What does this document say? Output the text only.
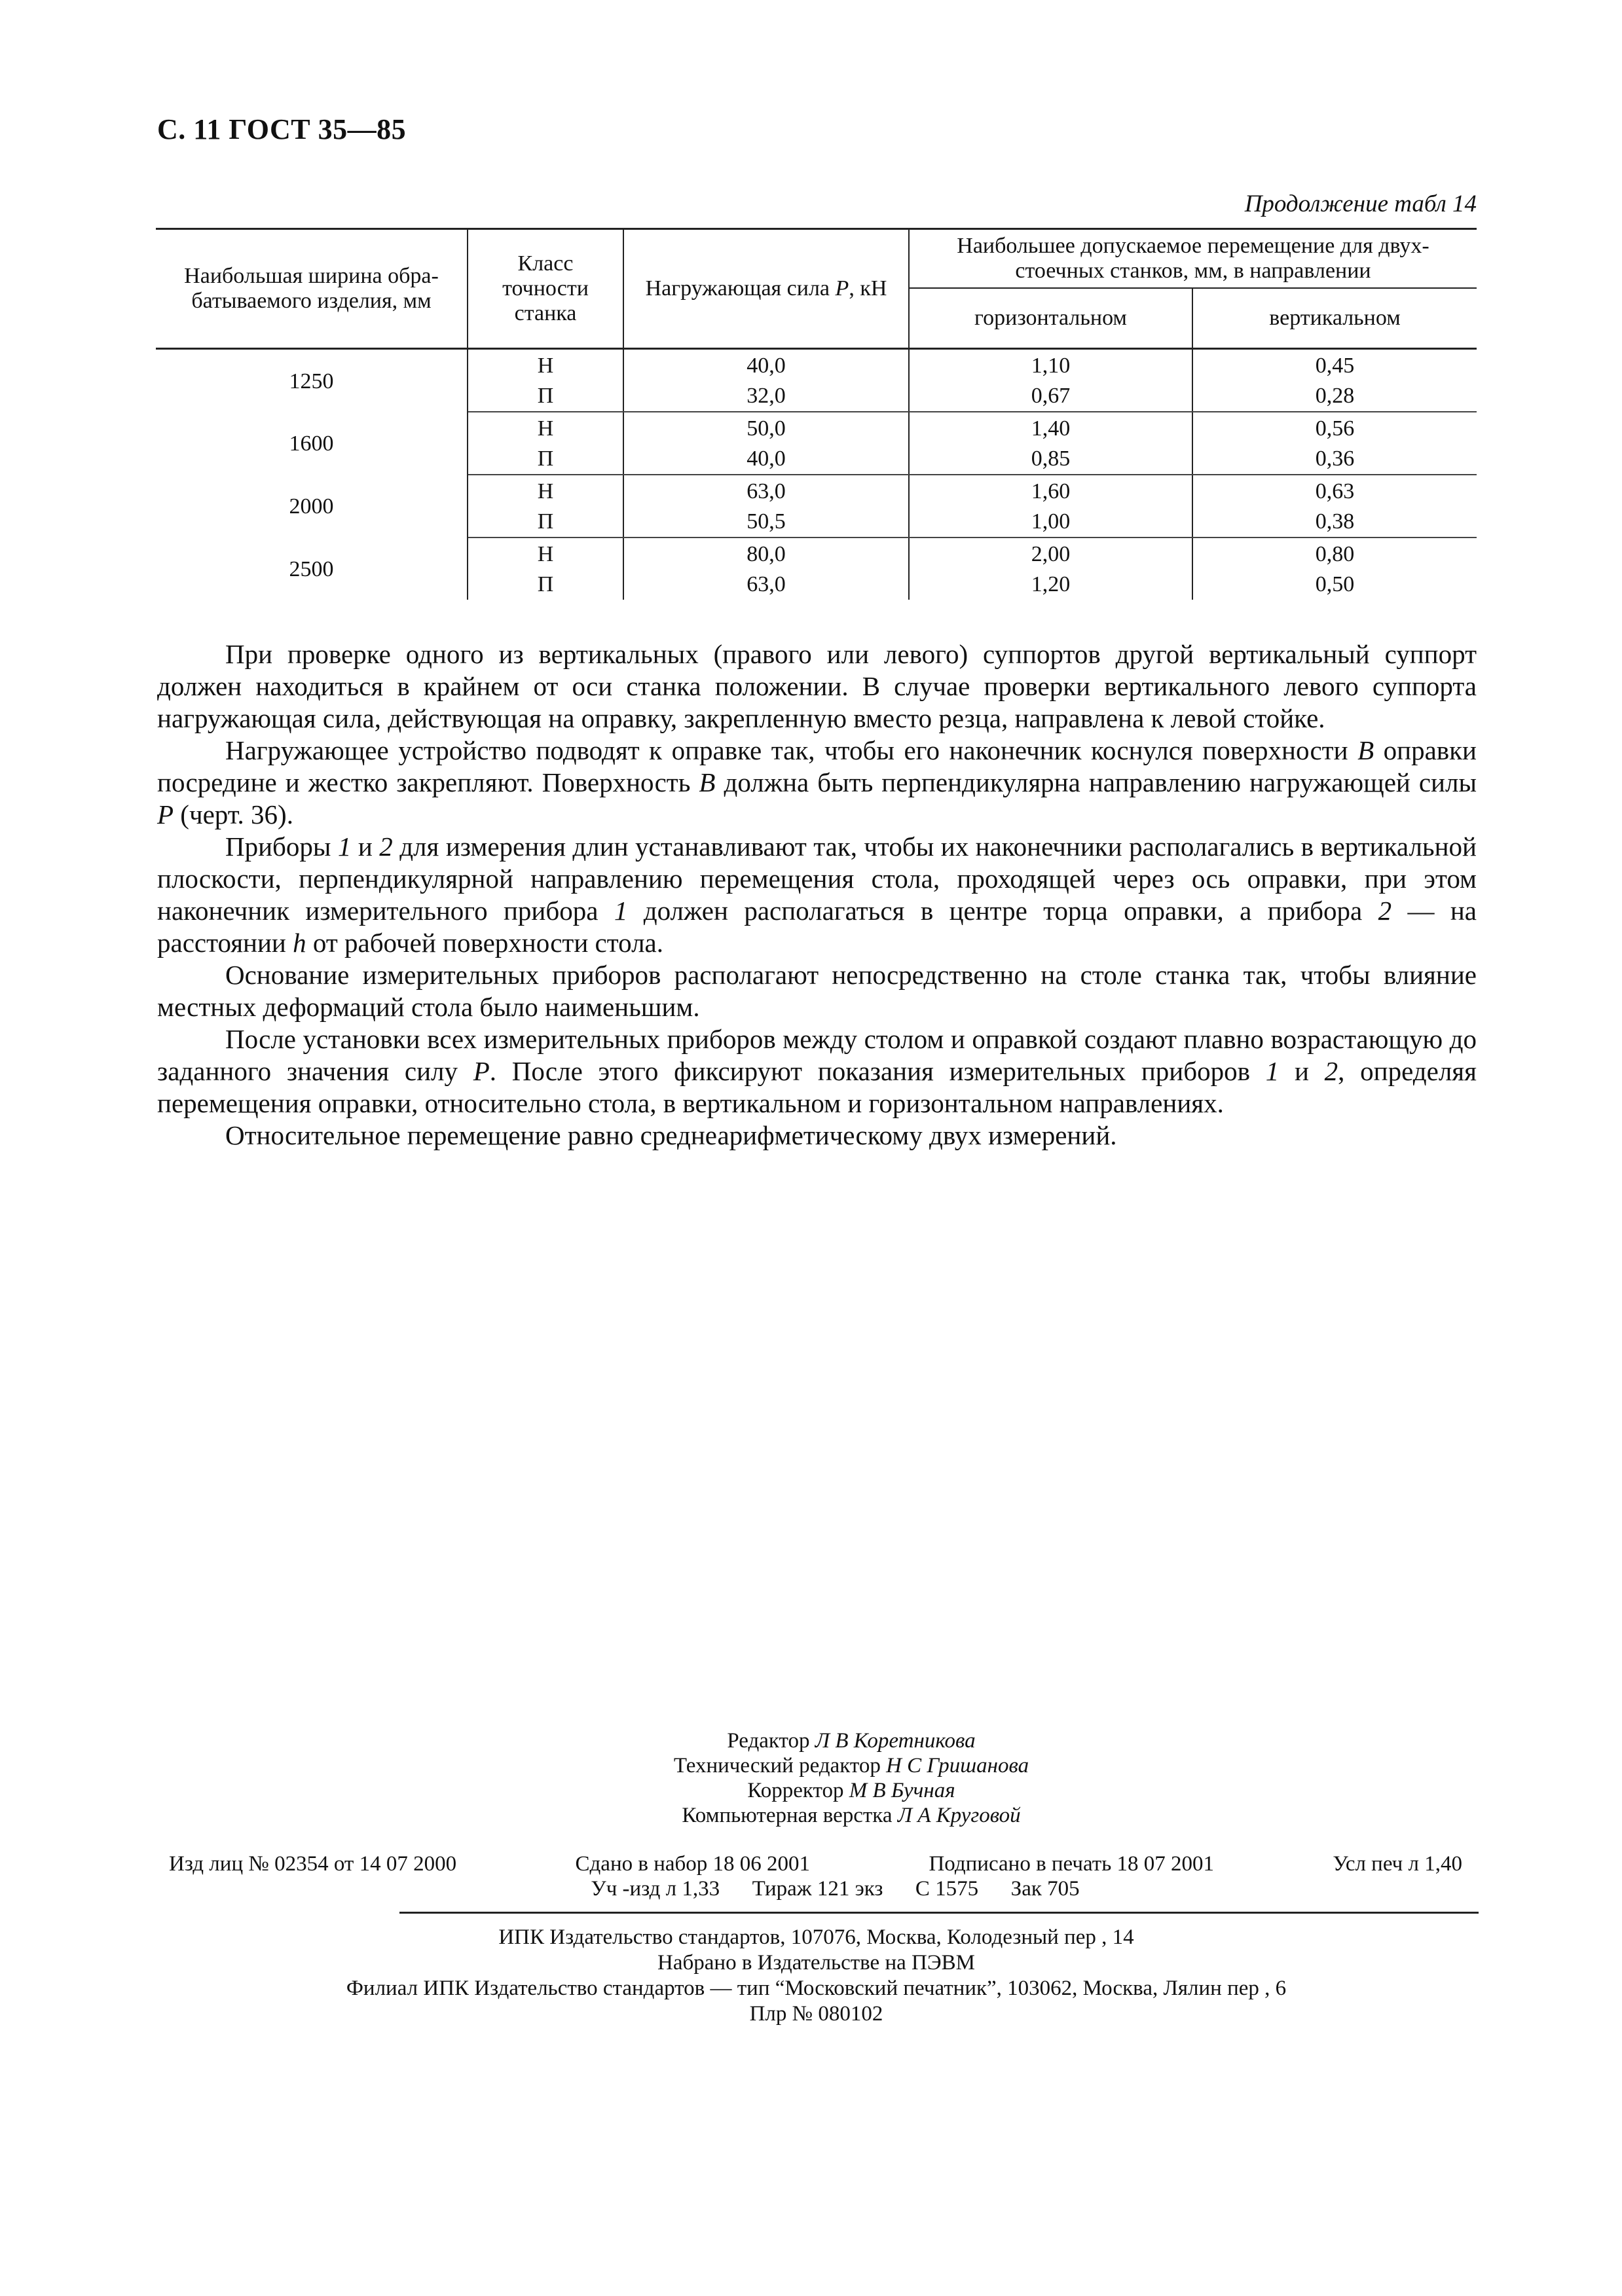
С. 11 ГОСТ 35—85
Продолжение табл 14
Наибольшая ширина обра-батываемого изделия, мм	Класс точности станка	Нагружающая сила P, кН	Наибольшее допускаемое перемещение для двух-стоечных станков, мм, в направлении	
			горизонтальном	вертикальном
1250	Н	40,0	1,10	0,45
	П	32,0	0,67	0,28
1600	Н	50,0	1,40	0,56
	П	40,0	0,85	0,36
2000	Н	63,0	1,60	0,63
	П	50,5	1,00	0,38
2500	Н	80,0	2,00	0,80
	П	63,0	1,20	0,50

При проверке одного из вертикальных (правого или левого) суппортов другой вертикальный суппорт должен находиться в крайнем от оси станка положении. В случае проверки вертикального левого суппорта нагружающая сила, действующая на оправку, закрепленную вместо резца, направлена к левой стойке.

Нагружающее устройство подводят к оправке так, чтобы его наконечник коснулся поверхности B оправки посредине и жестко закрепляют. Поверхность B должна быть перпендикулярна направлению нагружающей силы P (черт. 36).

Приборы 1 и 2 для измерения длин устанавливают так, чтобы их наконечники располагались в вертикальной плоскости, перпендикулярной направлению перемещения стола, проходящей через ось оправки, при этом наконечник измерительного прибора 1 должен располагаться в центре торца оправки, а прибора 2 — на расстоянии h от рабочей поверхности стола.

Основание измерительных приборов располагают непосредственно на столе станка так, чтобы влияние местных деформаций стола было наименьшим.

После установки всех измерительных приборов между столом и оправкой создают плавно возрастающую до заданного значения силу P. После этого фиксируют показания измерительных приборов 1 и 2, определяя перемещения оправки, относительно стола, в вертикальном и горизонтальном направлениях.

Относительное перемещение равно среднеарифметическому двух измерений.

Редактор Л В Коретникова
Технический редактор Н С Гришанова
Корректор М В Бучная
Компьютерная верстка Л А Круговой
Изд лиц № 02354 от 14 07 2000	Сдано в набор 18 06 2001	Подписано в печать 18 07 2001	Усл печ л 1,40
Уч -изд л 1,33 Тираж 121 экз С 1575 Зак 705
ИПК Издательство стандартов, 107076, Москва, Колодезный пер , 14
Набрано в Издательстве на ПЭВМ
Филиал ИПК Издательство стандартов — тип “Московский печатник”, 103062, Москва, Лялин пер , 6
Плр № 080102
